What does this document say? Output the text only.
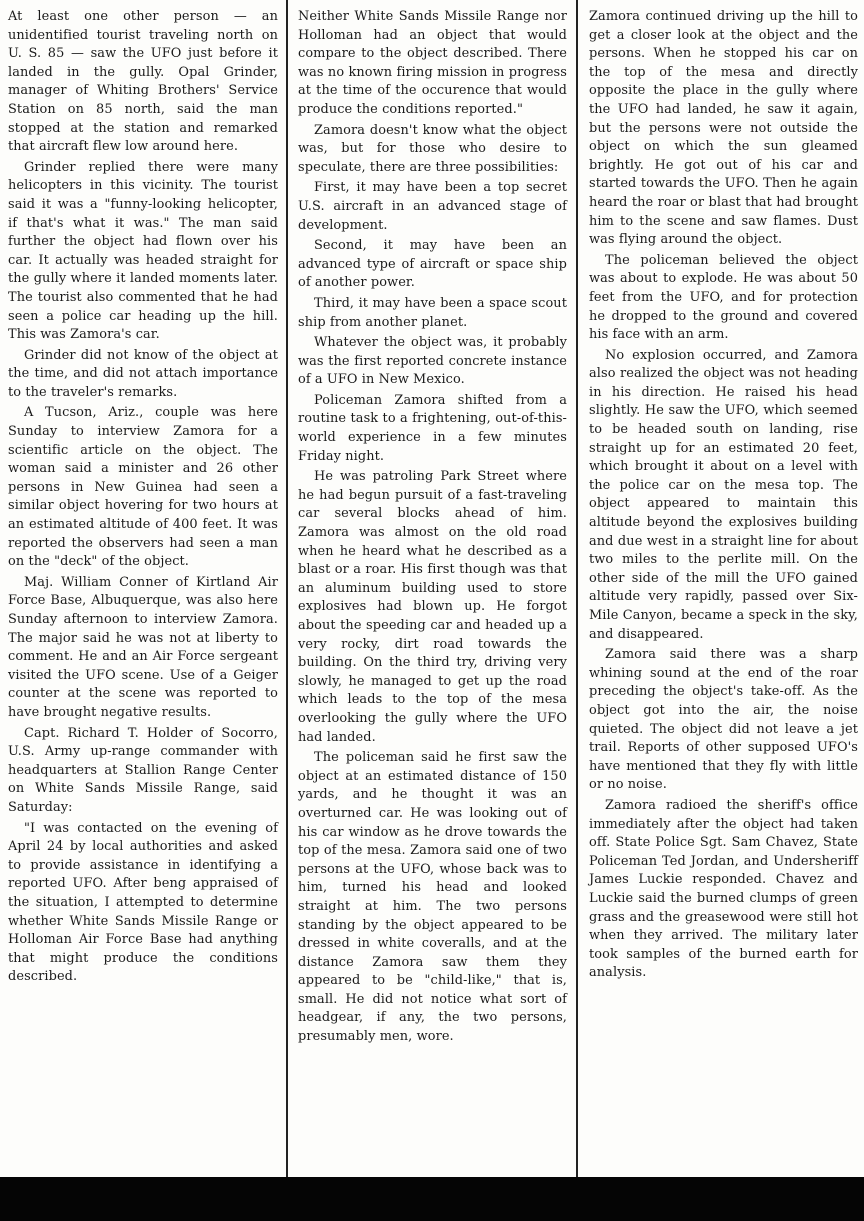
At least one other person — an unidentified tourist traveling north on U. S. 85 — saw the UFO just before it landed in the gully. Opal Grinder, manager of Whiting Brothers' Service Station on 85 north, said the man stopped at the station and remarked that aircraft flew low around here.

Grinder replied there were many helicopters in this vicinity. The tourist said it was a "funny-looking helicopter, if that's what it was." The man said further the object had flown over his car. It actually was headed straight for the gully where it landed moments later. The tourist also commented that he had seen a police car heading up the hill. This was Zamora's car.

Grinder did not know of the object at the time, and did not attach importance to the traveler's remarks.

A Tucson, Ariz., couple was here Sunday to interview Zamora for a scientific article on the object. The woman said a minister and 26 other persons in New Guinea had seen a similar object hovering for two hours at an estimated altitude of 400 feet. It was reported the observers had seen a man on the "deck" of the object.

Maj. William Conner of Kirtland Air Force Base, Albuquerque, was also here Sunday afternoon to interview Zamora. The major said he was not at liberty to comment. He and an Air Force sergeant visited the UFO scene. Use of a Geiger counter at the scene was reported to have brought negative results.

Capt. Richard T. Holder of Socorro, U.S. Army up-range commander with headquarters at Stallion Range Center on White Sands Missile Range, said Saturday:

"I was contacted on the evening of April 24 by local authorities and asked to provide assistance in identifying a reported UFO. After beng appraised of the situation, I attempted to determine whether White Sands Missile Range or Holloman Air Force Base had anything that might produce the conditions described.

Neither White Sands Missile Range nor Holloman had an object that would compare to the object described. There was no known firing mission in progress at the time of the occurence that would produce the conditions reported."

Zamora doesn't know what the object was, but for those who desire to speculate, there are three possibilities:

First, it may have been a top secret U.S. aircraft in an advanced stage of development.

Second, it may have been an advanced type of aircraft or space ship of another power.

Third, it may have been a space scout ship from another planet.

Whatever the object was, it probably was the first reported concrete instance of a UFO in New Mexico.

Policeman Zamora shifted from a routine task to a frightening, out-of-this-world experience in a few minutes Friday night.

He was patroling Park Street where he had begun pursuit of a fast-traveling car several blocks ahead of him. Zamora was almost on the old road when he heard what he described as a blast or a roar. His first though was that an aluminum building used to store explosives had blown up. He forgot about the speeding car and headed up a very rocky, dirt road towards the building. On the third try, driving very slowly, he managed to get up the road which leads to the top of the mesa overlooking the gully where the UFO had landed.

The policeman said he first saw the object at an estimated distance of 150 yards, and he thought it was an overturned car. He was looking out of his car window as he drove towards the top of the mesa. Zamora said one of two persons at the UFO, whose back was to him, turned his head and looked straight at him. The two persons standing by the object appeared to be dressed in white coveralls, and at the distance Zamora saw them they appeared to be "child-like," that is, small. He did not notice what sort of headgear, if any, the two persons, presumably men, wore.

Zamora continued driving up the hill to get a closer look at the object and the persons. When he stopped his car on the top of the mesa and directly opposite the place in the gully where the UFO had landed, he saw it again, but the persons were not outside the object on which the sun gleamed brightly. He got out of his car and started towards the UFO. Then he again heard the roar or blast that had brought him to the scene and saw flames. Dust was flying around the object.

The policeman believed the object was about to explode. He was about 50 feet from the UFO, and for protection he dropped to the ground and covered his face with an arm.

No explosion occurred, and Zamora also realized the object was not heading in his direction. He raised his head slightly. He saw the UFO, which seemed to be headed south on landing, rise straight up for an estimated 20 feet, which brought it about on a level with the police car on the mesa top. The object appeared to maintain this altitude beyond the explosives building and due west in a straight line for about two miles to the perlite mill. On the other side of the mill the UFO gained altitude very rapidly, passed over Six-Mile Canyon, became a speck in the sky, and disappeared.

Zamora said there was a sharp whining sound at the end of the roar preceding the object's take-off. As the object got into the air, the noise quieted. The object did not leave a jet trail. Reports of other supposed UFO's have mentioned that they fly with little or no noise.

Zamora radioed the sheriff's office immediately after the object had taken off. State Police Sgt. Sam Chavez, State Policeman Ted Jordan, and Undersheriff James Luckie responded. Chavez and Luckie said the burned clumps of green grass and the greasewood were still hot when they arrived. The military later took samples of the burned earth for analysis.
